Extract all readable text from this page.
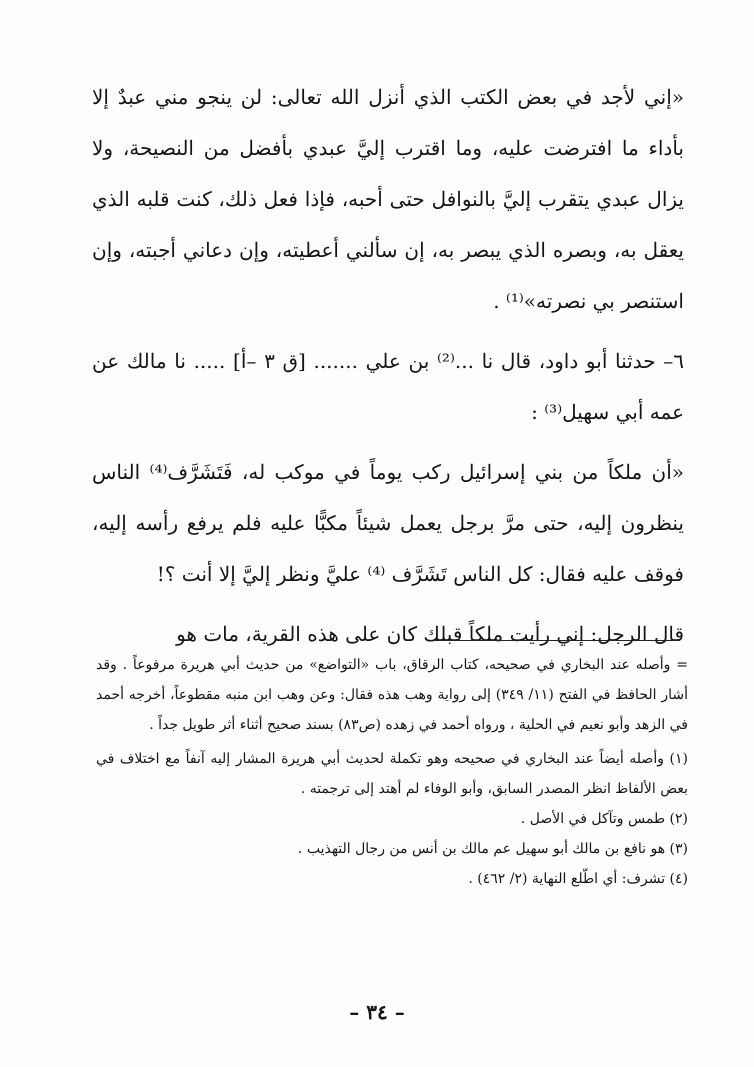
«إني لأجد في بعض الكتب الذي أنزل الله تعالى: لن ينجو مني عبدٌ إلا بأداء ما افترضت عليه، وما اقترب إليَّ عبدي بأفضل من النصيحة، ولا يزال عبدي يتقرب إليَّ بالنوافل حتى أحبه، فإذا فعل ذلك، كنت قلبه الذي يعقل به، وبصره الذي يبصر به، إن سألني أعطيته، وإن دعاني أجبته، وإن استنصر بي نصرته»⁽¹⁾ .

٦– حدثنا أبو داود، قال نا ...⁽²⁾ بن علي ....... [ق ٣ –أ] ..... نا مالك عن عمه أبي سهيل⁽³⁾ :

«أن ملكاً من بني إسرائيل ركب يوماً في موكب له، فَتَشَرَّف⁽⁴⁾ الناس ينظرون إليه، حتى مرَّ برجل يعمل شيئاً مكبًّا عليه فلم يرفع رأسه إليه، فوقف عليه فقال: كل الناس تَشَرَّف ⁽⁴⁾ عليَّ ونظر إليَّ إلا أنت ؟!

قال الرجل: إني رأيت ملكاً قبلك كان على هذه القرية، مات هو

= وأصله عند البخاري في صحيحه، كتاب الرقاق، باب «التواضع» من حديث أبي هريرة مرفوعاً . وقد أشار الحافظ في الفتح (١١/ ٣٤٩) إلى رواية وهب هذه فقال: وعن وهب ابن منبه مقطوعاً، أخرجه أحمد في الزهد وأبو نعيم في الحلية ، ورواه أحمد في زهده (ص٨٣) بسند صحيح أثناء أثر طويل جداً .

(١) وأصله أيضاً عند البخاري في صحيحه وهو تكملة لحديث أبي هريرة المشار إليه آنفاً مع اختلاف في بعض الألفاظ انظر المصدر السابق، وأبو الوفاء لم أهتد إلى ترجمته .

(٢) طمس وتآكل في الأصل .

(٣) هو نافع بن مالك أبو سهيل عم مالك بن أنس من رجال التهذيب .

(٤) تشرف: أي اطّلع النهاية (٢/ ٤٦٢) .

– ٣٤ –
